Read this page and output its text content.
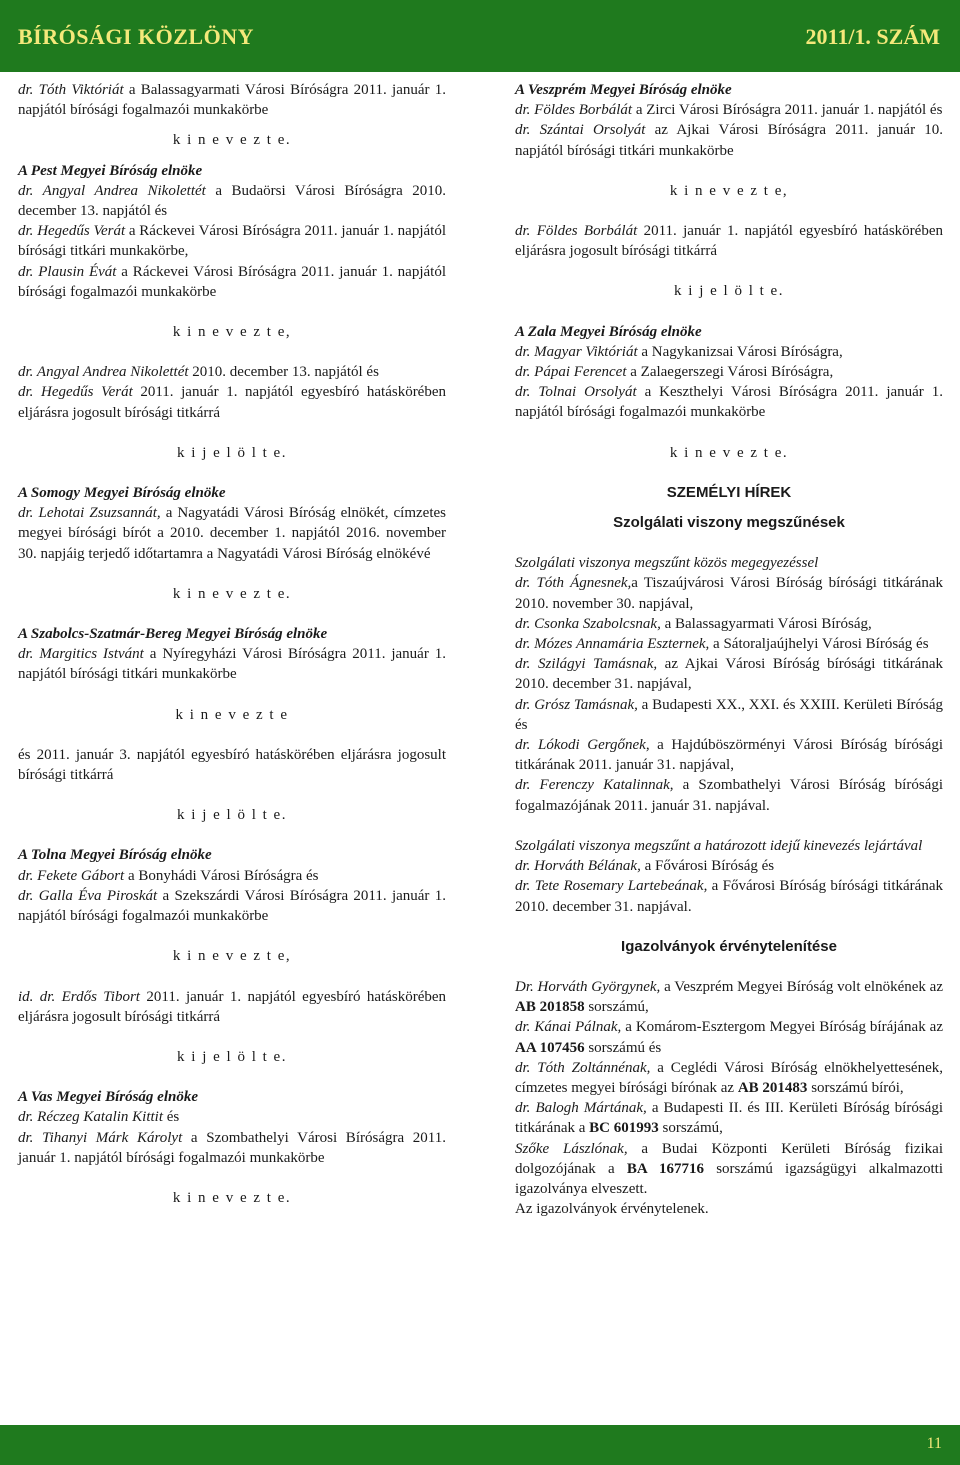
BÍRÓSÁGI KÖZLÖNY	2011/1. SZÁM

dr. Tóth Viktóriát a Balassagyarmati Városi Bíróságra 2011. január 1. napjától bírósági fogalmazói munkakörbe

k i n e v e z t e.

A Pest Megyei Bíróság elnöke

dr. Angyal Andrea Nikolettét a Budaörsi Városi Bíróságra 2010. december 13. napjától és

dr. Hegedűs Verát a Ráckevei Városi Bíróságra 2011. január 1. napjától bírósági titkári munkakörbe,

dr. Plausin Évát a Ráckevei Városi Bíróságra 2011. január 1. napjától bírósági fogalmazói munkakörbe

k i n e v e z t e,

dr. Angyal Andrea Nikolettét 2010. december 13. napjától és

dr. Hegedűs Verát 2011. január 1. napjától egyesbíró hatáskörében eljárásra jogosult bírósági titkárrá

k i j e l ö l t e.

A Somogy Megyei Bíróság elnöke

dr. Lehotai Zsuzsannát, a Nagyatádi Városi Bíróság elnökét, címzetes megyei bírósági bírót a 2010. december 1. napjától 2016. november 30. napjáig terjedő időtartamra a Nagyatádi Városi Bíróság elnökévé

k i n e v e z t e.

A Szabolcs-Szatmár-Bereg Megyei Bíróság elnöke

dr. Margitics Istvánt a Nyíregyházi Városi Bíróságra 2011. január 1. napjától bírósági titkári munkakörbe

k i n e v e z t e

és 2011. január 3. napjától egyesbíró hatáskörében eljárásra jogosult bírósági titkárrá

k i j e l ö l t e.

A Tolna Megyei Bíróság elnöke

dr. Fekete Gábort a Bonyhádi Városi Bíróságra és

dr. Galla Éva Piroskát a Szekszárdi Városi Bíróságra 2011. január 1. napjától bírósági fogalmazói munkakörbe

k i n e v e z t e,

id. dr. Erdős Tibort 2011. január 1. napjától egyesbíró hatáskörében eljárásra jogosult bírósági titkárrá

k i j e l ö l t e.

A Vas Megyei Bíróság elnöke

dr. Réczeg Katalin Kittit és

dr. Tihanyi Márk Károlyt a Szombathelyi Városi Bíróságra 2011. január 1. napjától bírósági fogalmazói munkakörbe

k i n e v e z t e.

A Veszprém Megyei Bíróság elnöke

dr. Földes Borbálát a Zirci Városi Bíróságra 2011. január 1. napjától és

dr. Szántai Orsolyát az Ajkai Városi Bíróságra 2011. január 10. napjától bírósági titkári munkakörbe

k i n e v e z t e,

dr. Földes Borbálát 2011. január 1. napjától egyesbíró hatáskörében eljárásra jogosult bírósági titkárrá

k i j e l ö l t e.

A Zala Megyei Bíróság elnöke

dr. Magyar Viktóriát a Nagykanizsai Városi Bíróságra,

dr. Pápai Ferencet a Zalaegerszegi Városi Bíróságra,

dr. Tolnai Orsolyát a Keszthelyi Városi Bíróságra 2011. január 1. napjától bírósági fogalmazói munkakörbe

k i n e v e z t e.

SZEMÉLYI HÍREK

Szolgálati viszony megszűnések

Szolgálati viszonya megszűnt közös megegyezéssel

dr. Tóth Ágnesnek,a Tiszaújvárosi Városi Bíróság bírósági titkárának 2010. november 30. napjával,

dr. Csonka Szabolcsnak, a Balassagyarmati Városi Bíróság,

dr. Mózes Annamária Eszternek, a Sátoraljaújhelyi Városi Bíróság és

dr. Szilágyi Tamásnak, az Ajkai Városi Bíróság bírósági titkárának 2010. december 31. napjával,

dr. Grósz Tamásnak, a Budapesti XX., XXI. és XXIII. Kerületi Bíróság és

dr. Lókodi Gergőnek, a Hajdúböszörményi Városi Bíróság bírósági titkárának 2011. január 31. napjával,

dr. Ferenczy Katalinnak, a Szombathelyi Városi Bíróság bírósági fogalmazójának 2011. január 31. napjával.

Szolgálati viszonya megszűnt a határozott idejű kinevezés lejártával

dr. Horváth Bélának, a Fővárosi Bíróság és

dr. Tete Rosemary Lartebeának, a Fővárosi Bíróság bírósági titkárának 2010. december 31. napjával.

Igazolványok érvénytelenítése

Dr. Horváth Györgynek, a Veszprém Megyei Bíróság volt elnökének az AB 201858 sorszámú,

dr. Kánai Pálnak, a Komárom-Esztergom Megyei Bíróság bírájának az AA 107456 sorszámú és

dr. Tóth Zoltánnénak, a Ceglédi Városi Bíróság elnökhelyettesének, címzetes megyei bírósági bírónak az AB 201483 sorszámú bírói,

dr. Balogh Mártának, a Budapesti II. és III. Kerületi Bíróság bírósági titkárának a BC 601993 sorszámú,

Szőke Lászlónak, a Budai Központi Kerületi Bíróság fizikai dolgozójának a BA 167716 sorszámú igazságügyi alkalmazotti igazolványa elveszett.

Az igazolványok érvénytelenek.

11
